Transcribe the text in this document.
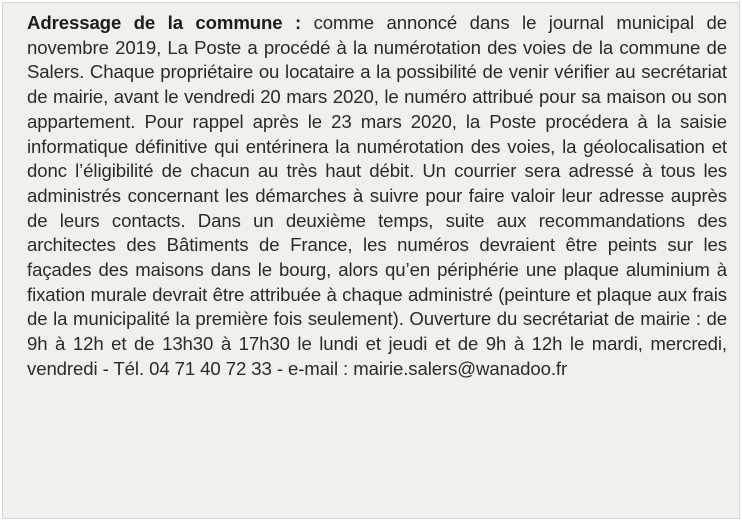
Adressage de la commune : comme annoncé dans le journal municipal de novembre 2019, La Poste a procédé à la numérotation des voies de la commune de Salers. Chaque propriétaire ou locataire a la possibilité de venir vérifier au secrétariat de mairie, avant le vendredi 20 mars 2020, le numéro attribué pour sa maison ou son appartement. Pour rappel après le 23 mars 2020, la Poste procédera à la saisie informatique définitive qui entérinera la numérotation des voies, la géolocalisation et donc l’éligibilité de chacun au très haut débit. Un courrier sera adressé à tous les administrés concernant les démarches à suivre pour faire valoir leur adresse auprès de leurs contacts. Dans un deuxième temps, suite aux recommandations des architectes des Bâtiments de France, les numéros devraient être peints sur les façades des maisons dans le bourg, alors qu’en périphérie une plaque aluminium à fixation murale devrait être attribuée à chaque administré (peinture et plaque aux frais de la municipalité la première fois seulement). Ouverture du secrétariat de mairie : de 9h à 12h et de 13h30 à 17h30 le lundi et jeudi et de 9h à 12h le mardi, mercredi, vendredi - Tél. 04 71 40 72 33 - e-mail : mairie.salers@wanadoo.fr
